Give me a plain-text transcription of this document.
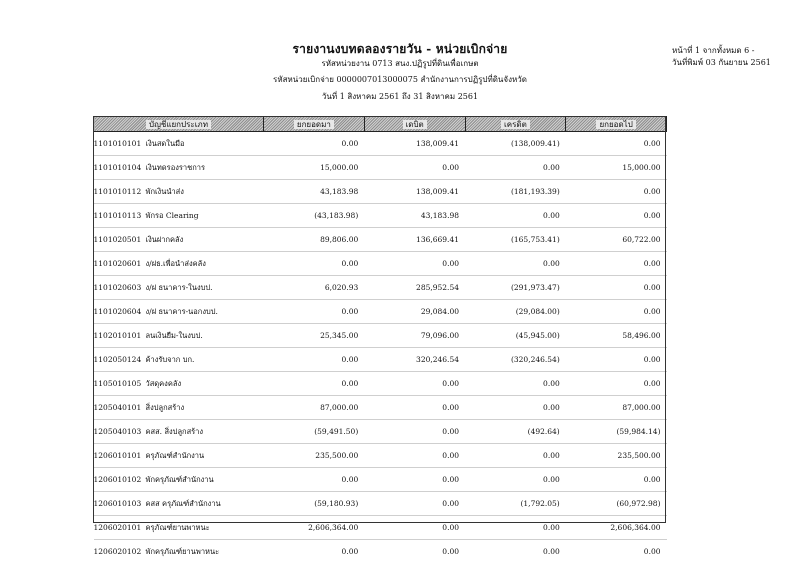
รายงานงบทดลองรายวัน - หน่วยเบิกจ่าย
รหัสหน่วยงาน 0713 สนง.ปฏิรูปที่ดินเพื่อเกษต
รหัสหน่วยเบิกจ่าย 0000007013000075 สำนักงานการปฏิรูปที่ดินจังหวัด
วันที่ 1 สิงหาคม 2561 ถึง 31 สิงหาคม 2561
หน้าที่ 1 จากทั้งหมด 6 -
วันที่พิมพ์ 03 กันยายน 2561
บัญชีแยกประเภท		ยกยอดมา	เดบิต	เครดิต	ยกยอดไป
1101010101	เงินสดในมือ	0.00	138,009.41	(138,009.41)	0.00
1101010104	เงินทดรองราชการ	15,000.00	0.00	0.00	15,000.00
1101010112	พักเงินนำส่ง	43,183.98	138,009.41	(181,193.39)	0.00
1101010113	พักรอ Clearing	(43,183.98)	43,183.98	0.00	0.00
1101020501	เงินฝากคลัง	89,806.00	136,669.41	(165,753.41)	60,722.00
1101020601	ง/ฝธ.เพื่อนำส่งคลัง	0.00	0.00	0.00	0.00
1101020603	ง/ฝ ธนาคาร-ในงบป.	6,020.93	285,952.54	(291,973.47)	0.00
1101020604	ง/ฝ ธนาคาร-นอกงบป.	0.00	29,084.00	(29,084.00)	0.00
1102010101	ลนเงินยืม-ในงบป.	25,345.00	79,096.00	(45,945.00)	58,496.00
1102050124	ค้างรับจาก บก.	0.00	320,246.54	(320,246.54)	0.00
1105010105	วัสดุคงคลัง	0.00	0.00	0.00	0.00
1205040101	สิ่งปลูกสร้าง	87,000.00	0.00	0.00	87,000.00
1205040103	คสส. สิ่งปลูกสร้าง	(59,491.50)	0.00	(492.64)	(59,984.14)
1206010101	ครุภัณฑ์สำนักงาน	235,500.00	0.00	0.00	235,500.00
1206010102	พักครุภัณฑ์สำนักงาน	0.00	0.00	0.00	0.00
1206010103	คสส ครุภัณฑ์สำนักงาน	(59,180.93)	0.00	(1,792.05)	(60,972.98)
1206020101	ครุภัณฑ์ยานพาหนะ	2,606,364.00	0.00	0.00	2,606,364.00
1206020102	พักครุภัณฑ์ยานพาหนะ	0.00	0.00	0.00	0.00
